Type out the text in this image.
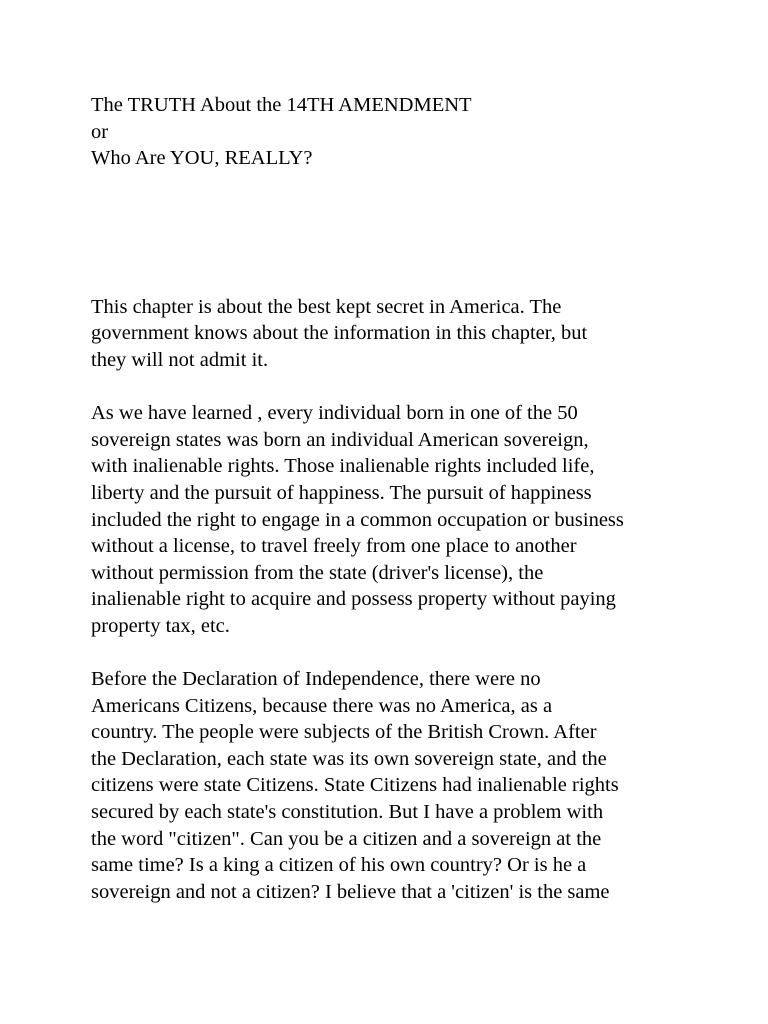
The TRUTH About the 14TH AMENDMENT
or
Who Are YOU, REALLY?
This chapter is about the best kept secret in America. The
government knows about the information in this chapter, but
they will not admit it.
As we have learned , every individual born in one of the 50
sovereign states was born an individual American sovereign,
with inalienable rights. Those inalienable rights included life,
liberty and the pursuit of happiness. The pursuit of happiness
included the right to engage in a common occupation or business
without a license, to travel freely from one place to another
without permission from the state (driver's license), the
inalienable right to acquire and possess property without paying
property tax, etc.
Before the Declaration of Independence, there were no
Americans Citizens, because there was no America, as a
country. The people were subjects of the British Crown. After
the Declaration, each state was its own sovereign state, and the
citizens were state Citizens. State Citizens had inalienable rights
secured by each state's constitution. But I have a problem with
the word "citizen". Can you be a citizen and a sovereign at the
same time? Is a king a citizen of his own country? Or is he a
sovereign and not a citizen? I believe that a 'citizen' is the same
